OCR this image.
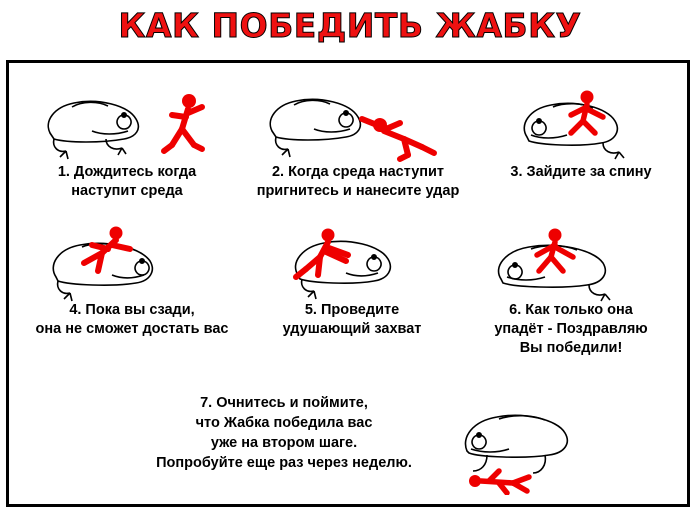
КАК ПОБЕДИТЬ ЖАБКУ
1. Дождитесь когда
наступит среда
2. Когда среда наступит
пригнитесь и нанесите удар
3. Зайдите за спину
4. Пока вы сзади,
она не сможет достать вас
5. Проведите
удушающий захват
6. Как только она
упадёт - Поздравляю
Вы победили!
7. Очнитесь и поймите,
что Жабка победила вас
уже на втором шаге.
Попробуйте еще раз через неделю.
